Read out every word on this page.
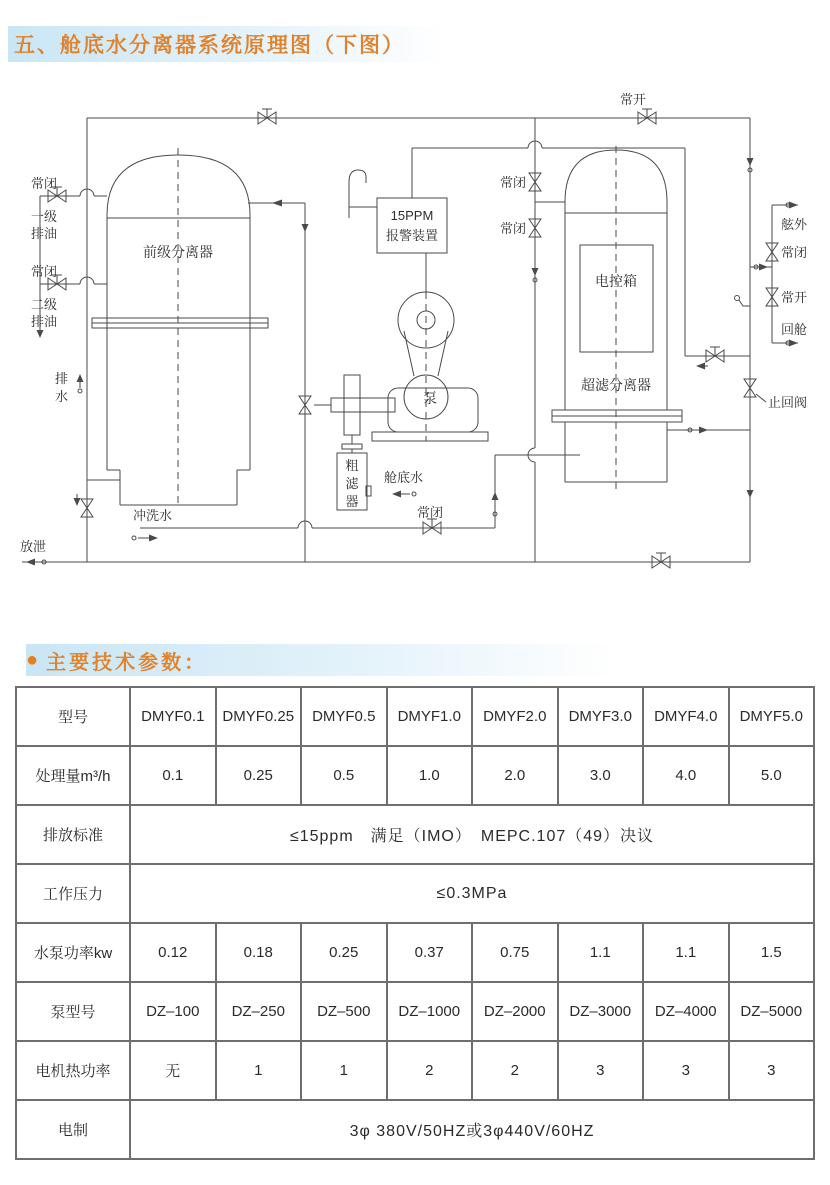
五、舱底水分离器系统原理图（下图）
前级分离器
电控箱
超滤分离器
15PPM
报警装置
泵
粗
滤
器
常闭
一级
排油
常闭
二级
排油
常闭
常闭
常开
舷外
常闭
常开
回舱
止回阀
舱底水
常闭
冲洗水
排
水
放泄
● 主要技术参数：
型号	DMYF0.1	DMYF0.25	DMYF0.5	DMYF1.0	DMYF2.0	DMYF3.0	DMYF4.0	DMYF5.0
处理量m³/h	0.1	0.25	0.5	1.0	2.0	3.0	4.0	5.0
排放标准	≤15ppm　满足（IMO）　MEPC.107（49）决议							
工作压力	≤0.3MPa							
水泵功率kw	0.12	0.18	0.25	0.37	0.75	1.1	1.1	1.5
泵型号	DZ–100	DZ–250	DZ–500	DZ–1000	DZ–2000	DZ–3000	DZ–4000	DZ–5000
电机热功率	无	1	1	2	2	3	3	3
电制	3φ 380V/50HZ或3φ440V/60HZ							
